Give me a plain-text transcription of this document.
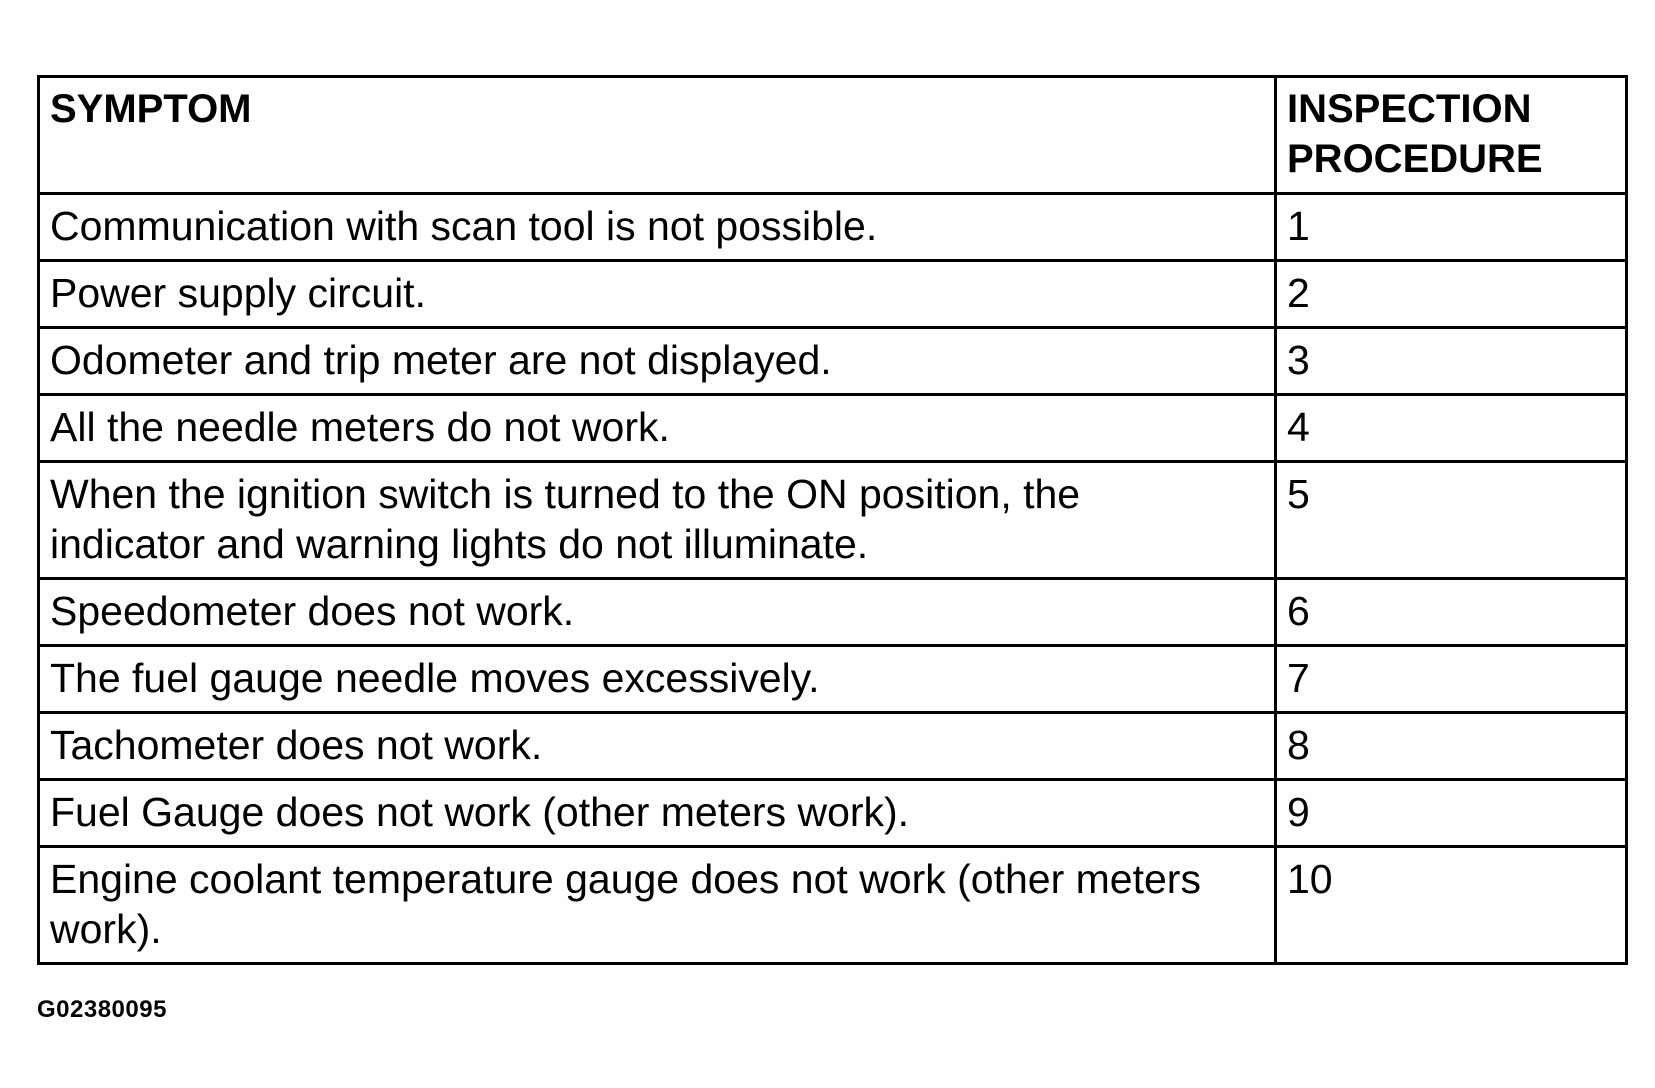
SYMPTOM	INSPECTION
PROCEDURE
Communication with scan tool is not possible.	1
Power supply circuit.	2
Odometer and trip meter are not displayed.	3
All the needle meters do not work.	4
When the ignition switch is turned to the ON position, the
indicator and warning lights do not illuminate.	5
Speedometer does not work.	6
The fuel gauge needle moves excessively.	7
Tachometer does not work.	8
Fuel Gauge does not work (other meters work).	9
Engine coolant temperature gauge does not work (other meters
work).	10
G02380095
